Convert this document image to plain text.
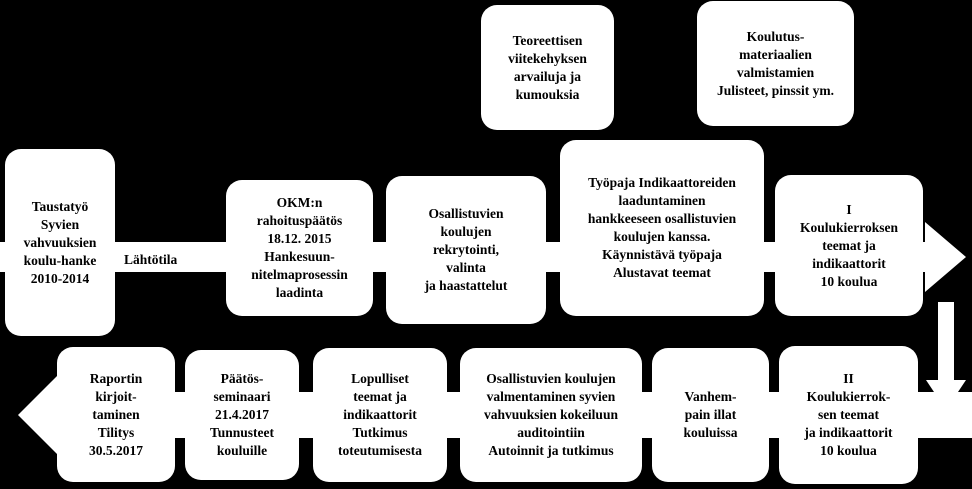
Lähtötila
Taustatyö
Syvien
vahvuuksien
koulu-hanke
2010-2014
OKM:n
rahoituspäätös
18.12. 2015
Hankesuun-
nitelmaprosessin
laadinta
Osallistuvien
koulujen
rekrytointi,
valinta
ja haastattelut
Työpaja Indikaattoreiden
laaduntaminen
hankkeeseen osallistuvien
koulujen kanssa.
Käynnistävä työpaja
Alustavat teemat
I
Koulukierroksen
teemat ja
indikaattorit
10 koulua
Teoreettisen
viitekehyksen
arvailuja ja
kumouksia
Koulutus-
materiaalien
valmistamien
Julisteet, pinssit ym.
II
Koulukierrok-
sen teemat
ja indikaattorit
10 koulua
Vanhem-
pain illat
kouluissa
Osallistuvien koulujen
valmentaminen syvien
vahvuuksien kokeiluun
auditointiin
Autoinnit ja tutkimus
Lopulliset
teemat ja
indikaattorit
Tutkimus
toteutumisesta
Päätös-
seminaari
21.4.2017
Tunnusteet
kouluille
Raportin
kirjoit-
taminen
Tilitys
30.5.2017
